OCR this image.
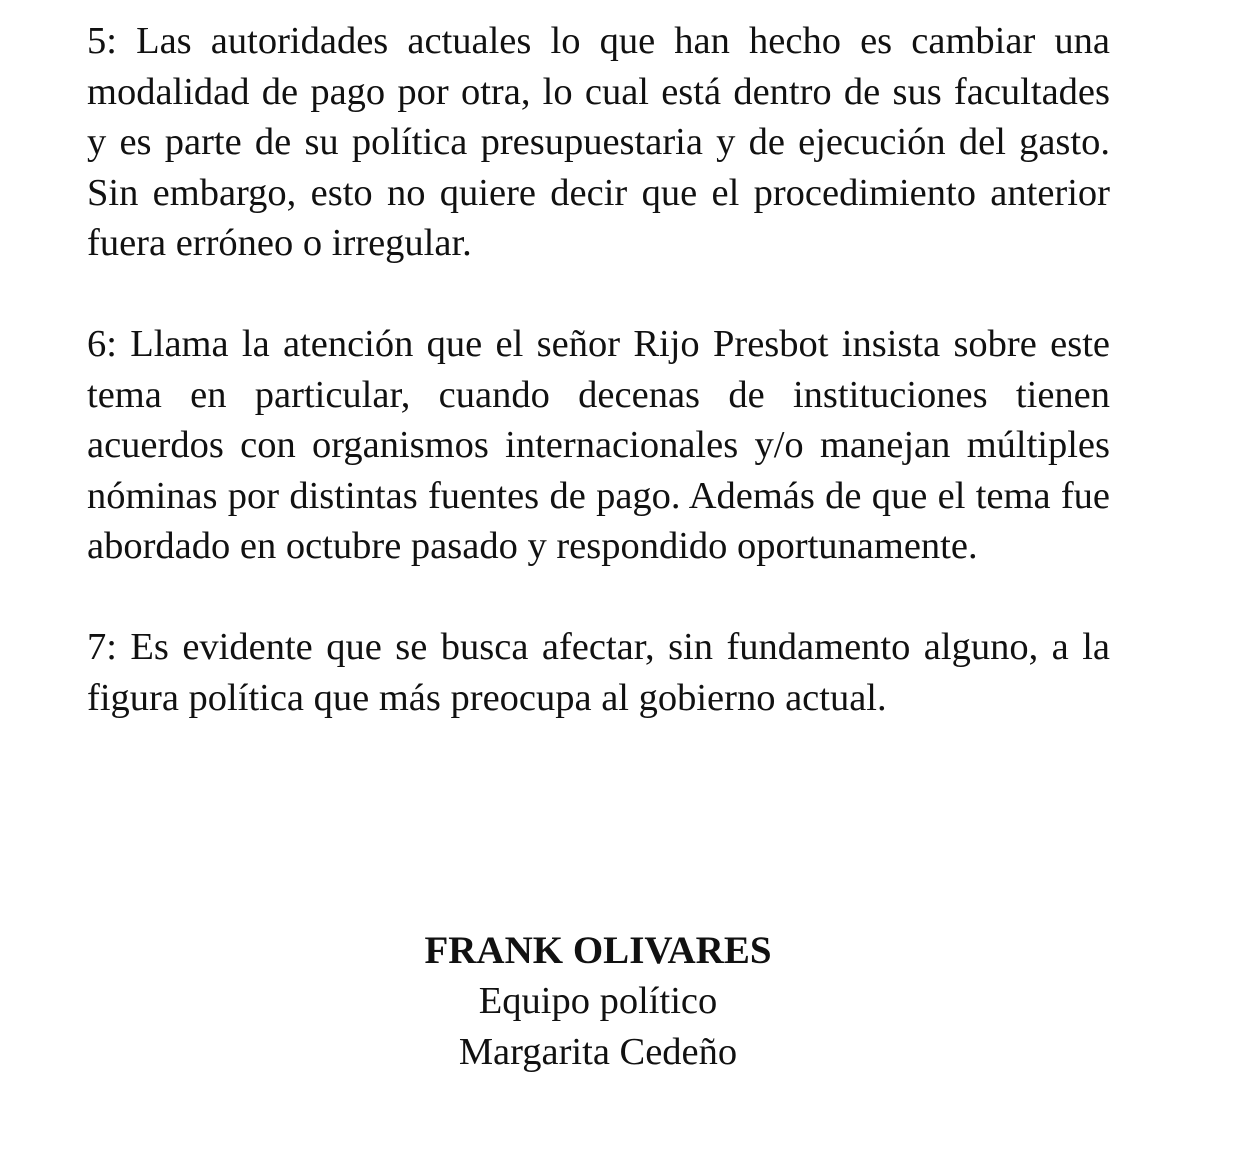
5: Las autoridades actuales lo que han hecho es cambiar una modalidad de pago por otra, lo cual está dentro de sus facultades y es parte de su política presupuestaria y de ejecución del gasto. Sin embargo, esto no quiere decir que el procedimiento anterior fuera erróneo o irregular.

6: Llama la atención que el señor Rijo Presbot insista sobre este tema en particular, cuando decenas de instituciones tienen acuerdos con organismos internacionales y/o manejan múltiples nóminas por distintas fuentes de pago. Además de que el tema fue abordado en octubre pasado y respondido oportunamente.

7: Es evidente que se busca afectar, sin fundamento alguno, a la figura política que más preocupa al gobierno actual.

FRANK OLIVARES

Equipo político

Margarita Cedeño
